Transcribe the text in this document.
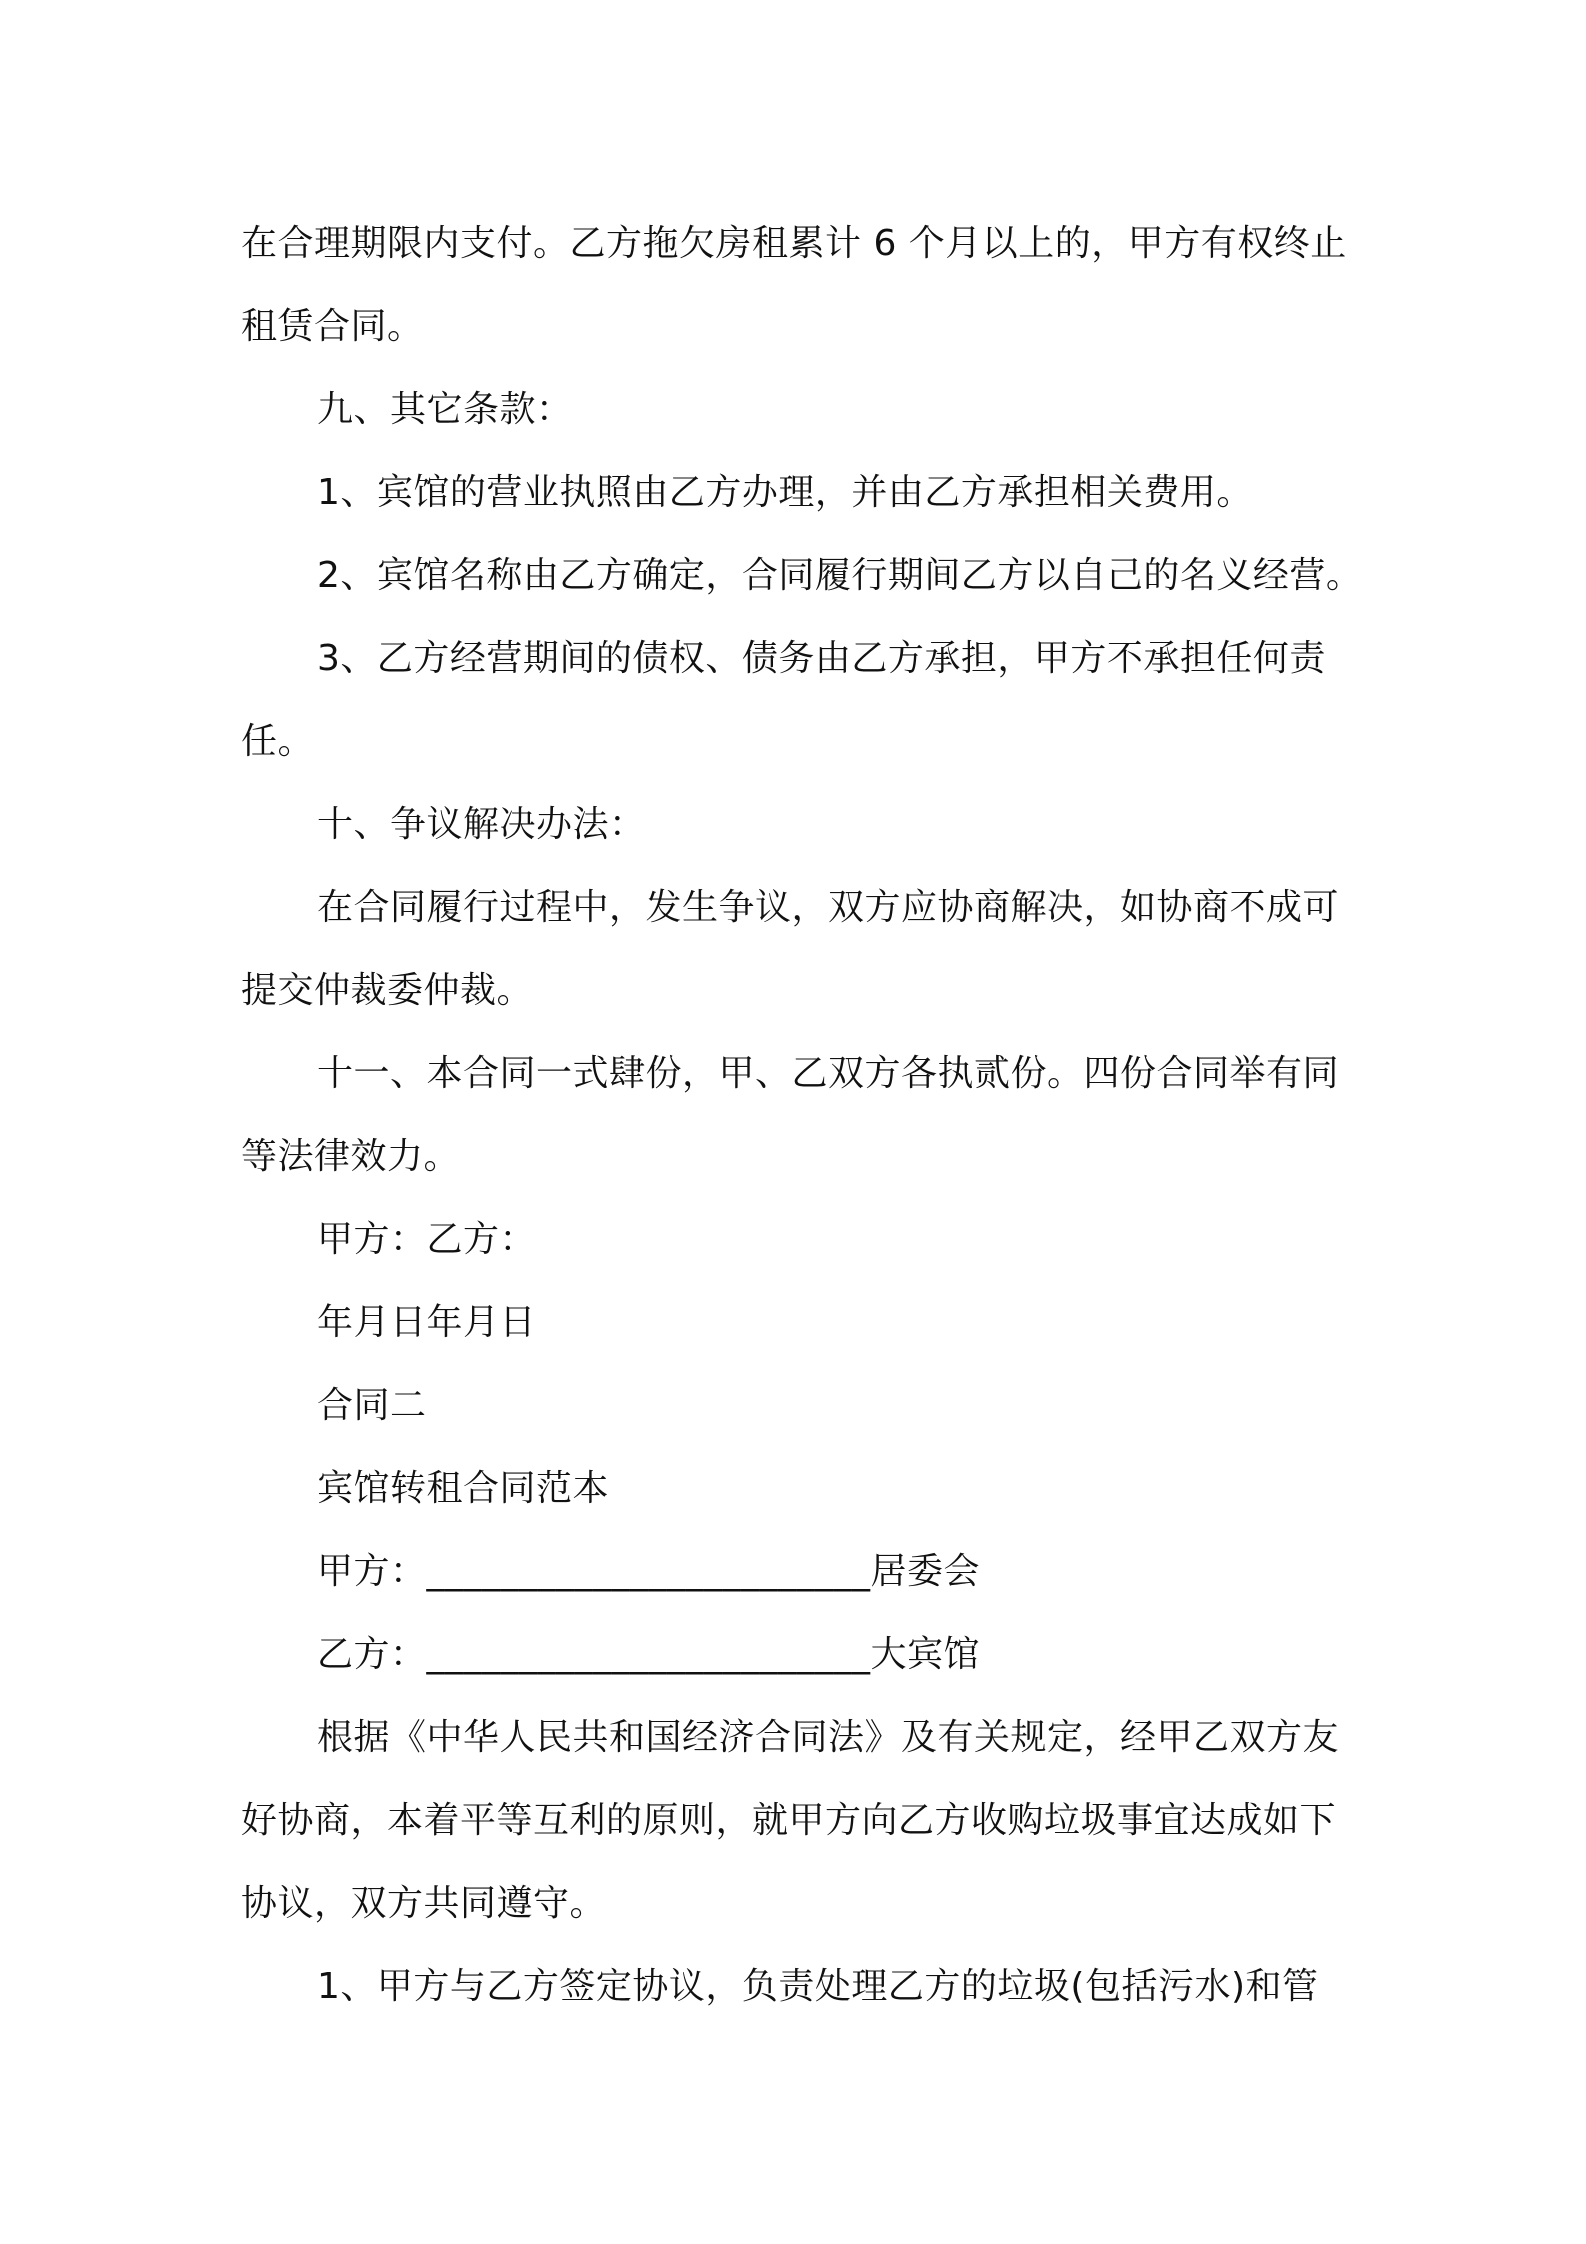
在合理期限内支付。乙方拖欠房租累计 6 个月以上的，甲方有权终止

租赁合同。

九、其它条款：

1、宾馆的营业执照由乙方办理，并由乙方承担相关费用。

2、宾馆名称由乙方确定，合同履行期间乙方以自己的名义经营。

3、乙方经营期间的债权、债务由乙方承担，甲方不承担任何责

任。

十、争议解决办法：

在合同履行过程中，发生争议，双方应协商解决，如协商不成可

提交仲裁委仲裁。

十一、本合同一式肆份，甲、乙双方各执贰份。四份合同举有同

等法律效力。

甲方：乙方：

年月日年月日

合同二

宾馆转租合同范本

甲方：________________________居委会

乙方：________________________大宾馆

根据《中华人民共和国经济合同法》及有关规定，经甲乙双方友

好协商，本着平等互利的原则，就甲方向乙方收购垃圾事宜达成如下

协议，双方共同遵守。

1、甲方与乙方签定协议，负责处理乙方的垃圾(包括污水)和管
